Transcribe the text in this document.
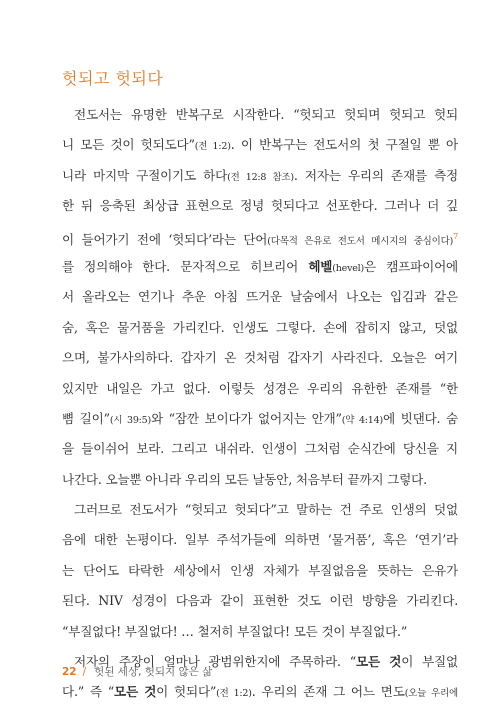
헛되고 헛되다
전도서는 유명한 반복구로 시작한다. “헛되고 헛되며 헛되고 헛되
니 모든 것이 헛되도다”(전 1:2). 이 반복구는 전도서의 첫 구절일 뿐 아
니라 마지막 구절이기도 하다(전 12:8 참조). 저자는 우리의 존재를 측정
한 뒤 응축된 최상급 표현으로 정녕 헛되다고 선포한다. 그러나 더 깊
이 들어가기 전에 ‘헛되다’라는 단어(다목적 은유로 전도서 메시지의 중심이다)$^7$
를 정의해야 한다. 문자적으로 히브리어 헤벨(hevel)은 캠프파이어에
서 올라오는 연기나 추운 아침 뜨거운 날숨에서 나오는 입김과 같은
숨, 혹은 물거품을 가리킨다. 인생도 그렇다. 손에 잡히지 않고, 덧없
으며, 불가사의하다. 갑자기 온 것처럼 갑자기 사라진다. 오늘은 여기
있지만 내일은 가고 없다. 이렇듯 성경은 우리의 유한한 존재를 “한
뼘 길이”(시 39:5)와 “잠깐 보이다가 없어지는 안개”(약 4:14)에 빗댄다. 숨
을 들이쉬어 보라. 그리고 내쉬라. 인생이 그처럼 순식간에 당신을 지
나간다. 오늘뿐 아니라 우리의 모든 날동안, 처음부터 끝까지 그렇다.
그러므로 전도서가 “헛되고 헛되다”고 말하는 건 주로 인생의 덧없
음에 대한 논평이다. 일부 주석가들에 의하면 ‘물거품’, 혹은 ‘연기’라
는 단어도 타락한 세상에서 인생 자체가 부질없음을 뜻하는 은유가
된다. NIV 성경이 다음과 같이 표현한 것도 이런 방향을 가리킨다.
“부질없다! 부질없다! … 철저히 부질없다! 모든 것이 부질없다.”
저자의 주장이 얼마나 광범위한지에 주목하라. “모든 것이 부질없
다.” 즉 “모든 것이 헛되다”(전 1:2). 우리의 존재 그 어느 면도(오늘 우리에
22 / 헛된 세상, 헛되지 않은 삶
